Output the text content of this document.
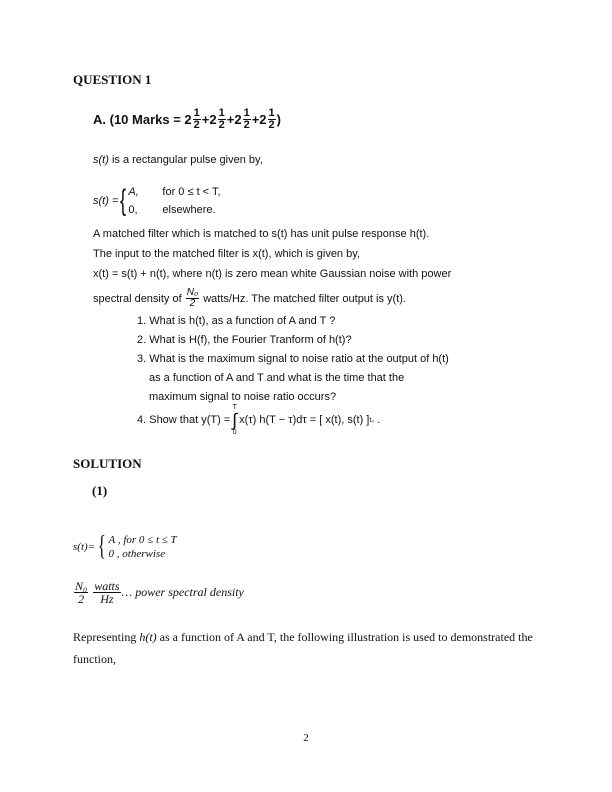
QUESTION 1
A.
(10 Marks = $2 \frac{1}{2} + 2 \frac{1}{2} + 2 \frac{1}{2} + 2 \frac{1}{2}$ )
s(t) is a rectangular pulse given by,
s(t) = { A,	for 0 ≤ t < T,
0,	elsewhere.
A matched filter which is matched to s(t) has unit pulse response h(t).
The input to the matched filter is x(t), which is given by,
x(t) = s(t) + n(t), where n(t) is zero mean white Gaussian noise with power
spectral density of
$\frac{\text{N₀}}{2}$
watts/Hz. The matched filter output is y(t).
1. What is h(t), as a function of A and T ?
2. What is H(f), the Fourier Tranform of h(t)?
3. What is the maximum signal to noise ratio at the output of h(t)
as a function of A and T and what is the time that the
maximum signal to noise ratio occurs?
4. Show that y(T) =
T
∫
0
x(τ) h(T − τ)dτ = [ x(t), s(t) ] t₀
.
SOLUTION
(1)
s(t)= { A , for 0 ≤ t ≤ T
0 , otherwise
$\frac{\text{N₀}}{2} \frac{\text{watts}}{Hz}$ … power spectral density
Representing h(t) as a function of A and T, the following illustration is used to demonstrated the
function,
2
